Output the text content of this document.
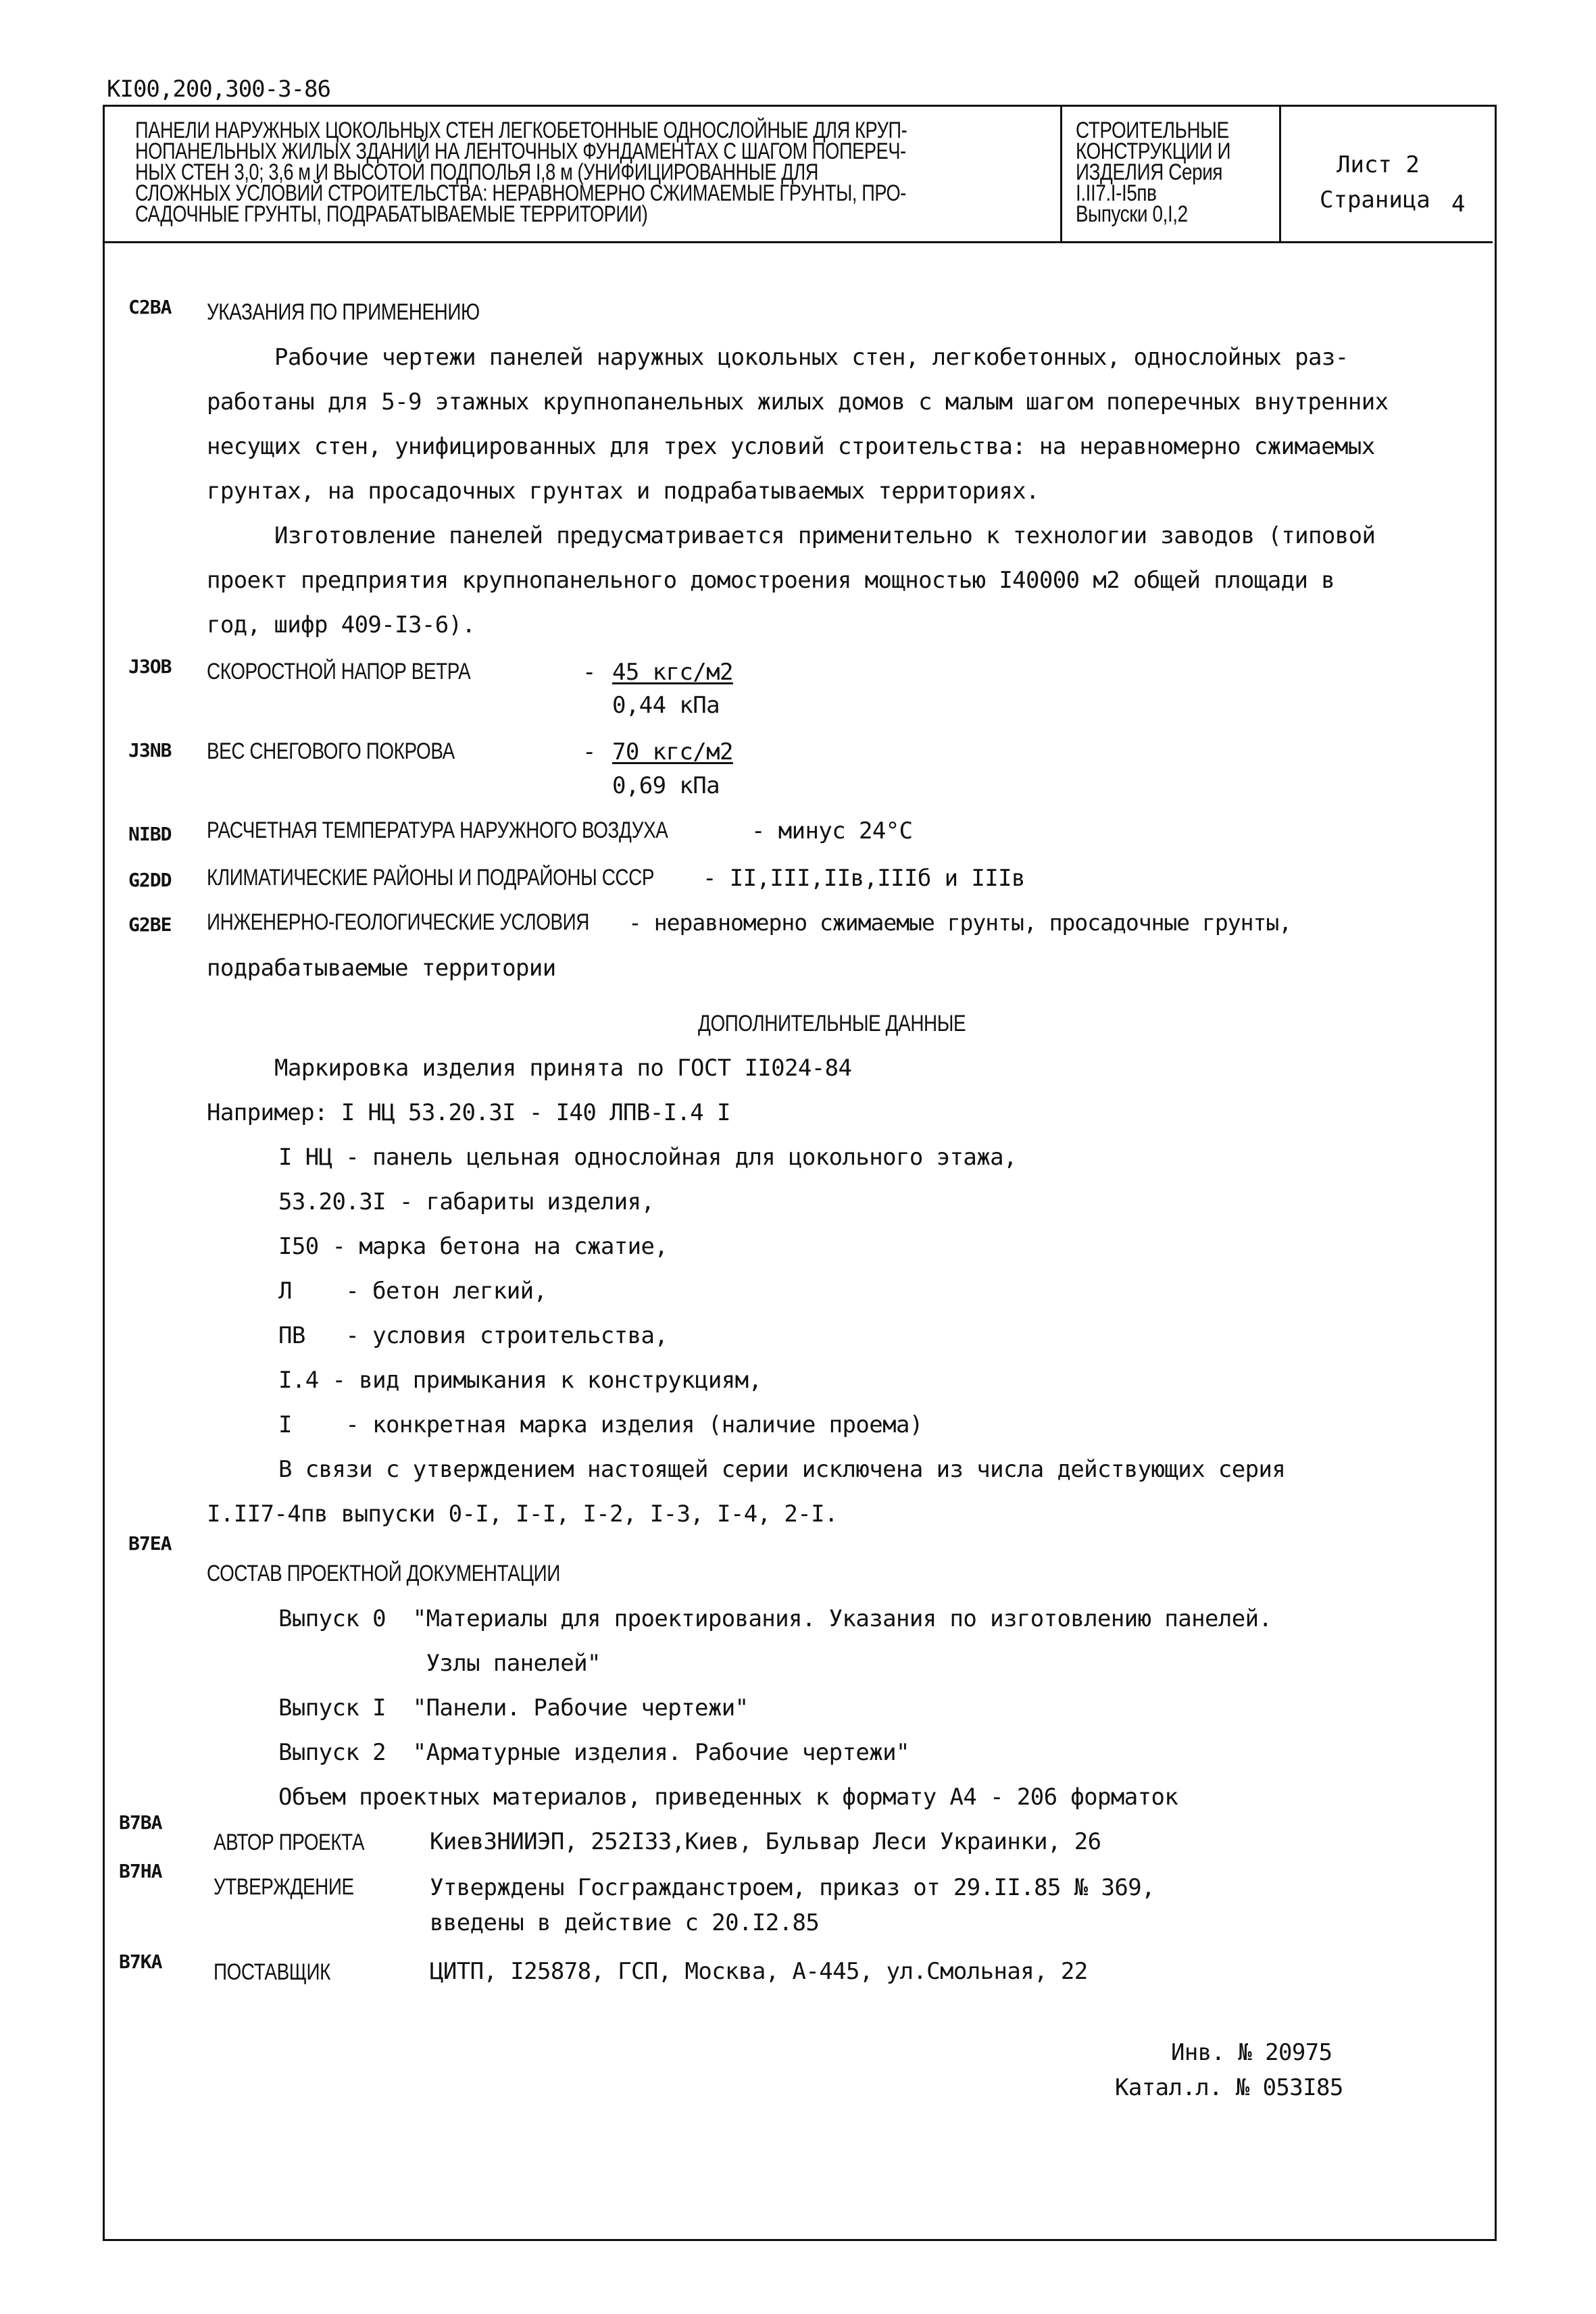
КI00,200,300-3-86
ПАНЕЛИ НАРУЖНЫХ ЦОКОЛЬНЫХ СТЕН ЛЕГКОБЕТОННЫЕ ОДНОСЛОЙНЫЕ ДЛЯ КРУП-
НОПАНЕЛЬНЫХ ЖИЛЫХ ЗДАНИЙ НА ЛЕНТОЧНЫХ ФУНДАМЕНТАХ С ШАГОМ ПОПЕРЕЧ-
НЫХ СТЕН 3,0; 3,6 м И ВЫСОТОЙ ПОДПОЛЬЯ I,8 м (УНИФИЦИРОВАННЫЕ ДЛЯ
СЛОЖНЫХ УСЛОВИЙ СТРОИТЕЛЬСТВА: НЕРАВНОМЕРНО СЖИМАЕМЫЕ ГРУНТЫ, ПРО-
САДОЧНЫЕ ГРУНТЫ, ПОДРАБАТЫВАЕМЫЕ ТЕРРИТОРИИ)
СТРОИТЕЛЬНЫЕ
КОНСТРУКЦИИ И
ИЗДЕЛИЯ Серия
I.II7.I-I5пв
Выпуски 0,I,2
Лист 2
Страница 4
C2ВА УКАЗАНИЯ ПО ПРИМЕНЕНИЮ
Рабочие чертежи панелей наружных цокольных стен, легкобетонных, однослойных раз-
работаны для 5-9 этажных крупнопанельных жилых домов с малым шагом поперечных внутренних
несущих стен, унифицированных для трех условий строительства: на неравномерно сжимаемых
грунтах, на просадочных грунтах и подрабатываемых территориях.
Изготовление панелей предусматривается применительно к технологии заводов (типовой
проект предприятия крупнопанельного домостроения мощностью I40000 м2 общей площади в
год, шифр 409-I3-6).
J3ОВ СКОРОСТНОЙ НАПОР ВЕТРА	- 45 кгс/м2
0,44 кПа
J3NВ ВЕС СНЕГОВОГО ПОКРОВА	- 70 кгс/м2
0,69 кПа
NIВD РАСЧЕТНАЯ ТЕМПЕРАТУРА НАРУЖНОГО ВОЗДУХА	- минус 24°С
G2DD КЛИМАТИЧЕСКИЕ РАЙОНЫ И ПОДРАЙОНЫ СССР - II,III,IIв,IIIб и IIIв
G2ВЕ ИНЖЕНЕРНО-ГЕОЛОГИЧЕСКИЕ УСЛОВИЯ - неравномерно сжимаемые грунты, просадочные грунты,
подрабатываемые территории
ДОПОЛНИТЕЛЬНЫЕ ДАННЫЕ
Маркировка изделия принята по ГОСТ II024-84
Например: I НЦ 53.20.3I - I40 ЛПВ-I.4 I
I НЦ - панель цельная однослойная для цокольного этажа,
53.20.3I - габариты изделия,
I50 - марка бетона на сжатие,
Л    - бетон легкий,
ПВ   - условия строительства,
I.4 - вид примыкания к конструкциям,
I    - конкретная марка изделия (наличие проема)
В связи с утверждением настоящей серии исключена из числа действующих серия
I.II7-4пв выпуски 0-I, I-I, I-2, I-3, I-4, 2-I.
В7ЕА
СОСТАВ ПРОЕКТНОЙ ДОКУМЕНТАЦИИ
Выпуск 0  "Материалы для проектирования. Указания по изготовлению панелей.
Узлы панелей"
Выпуск I  "Панели. Рабочие чертежи"
Выпуск 2  "Арматурные изделия. Рабочие чертежи"
Объем проектных материалов, приведенных к формату А4 - 206 форматок
В7ВА
АВТОР ПРОЕКТА	КиевЗНИИЭП, 252I33,Киев, Бульвар Леси Украинки, 26
В7НА
УТВЕРЖДЕНИЕ	Утверждены Госгражданстроем, приказ от 29.II.85 № 369,
введены в действие с 20.I2.85
В7КА ПОСТАВЩИК	ЦИТП, I25878, ГСП, Москва, А-445, ул.Смольная, 22
Инв. № 20975
Катал.л. № 053I85
